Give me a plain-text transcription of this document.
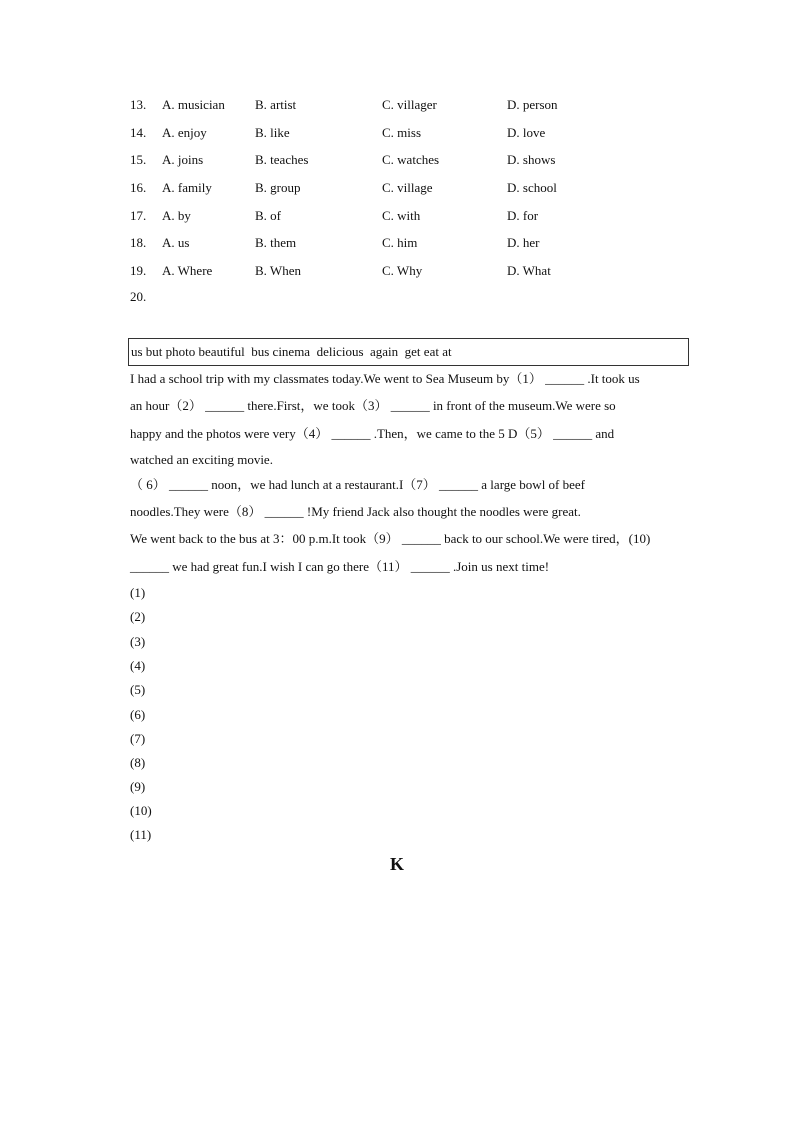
13. A. musician B. artist	C. villager	D. person
14. A. enjoy	B. like	C. miss	D. love
15. A. joins	B. teaches	C. watches	D. shows
16. A. family	B. group	C. village	D. school
17. A. by	B. of	C. with	D. for
18. A. us	B. them	C. him	D. her
19. A. Where	B. When	C. Why	D. What
20.
us but photo beautiful  bus cinema  delicious  again  get eat at
I had a school trip with my classmates today.We went to Sea Museum by（1） ______ .It took us
an hour（2） ______ there.First，we took（3） ______ in front of the museum.We were so
happy and the photos were very（4） ______ .Then，we came to the 5 D（5） ______ and
watched an exciting movie.
（ 6） ______ noon，we had lunch at a restaurant.I（7） ______ a large bowl of beef
noodles.They were（8） ______ !My friend Jack also thought the noodles were great.
We went back to the bus at 3：00 p.m.It took（9） ______ back to our school.We were tired，(10)
______ we had great fun.I wish I can go there（11） ______ .Join us next time!
(1)
(2)
(3)
(4)
(5)
(6)
(7)
(8)
(9)
(10)
(11)
K
